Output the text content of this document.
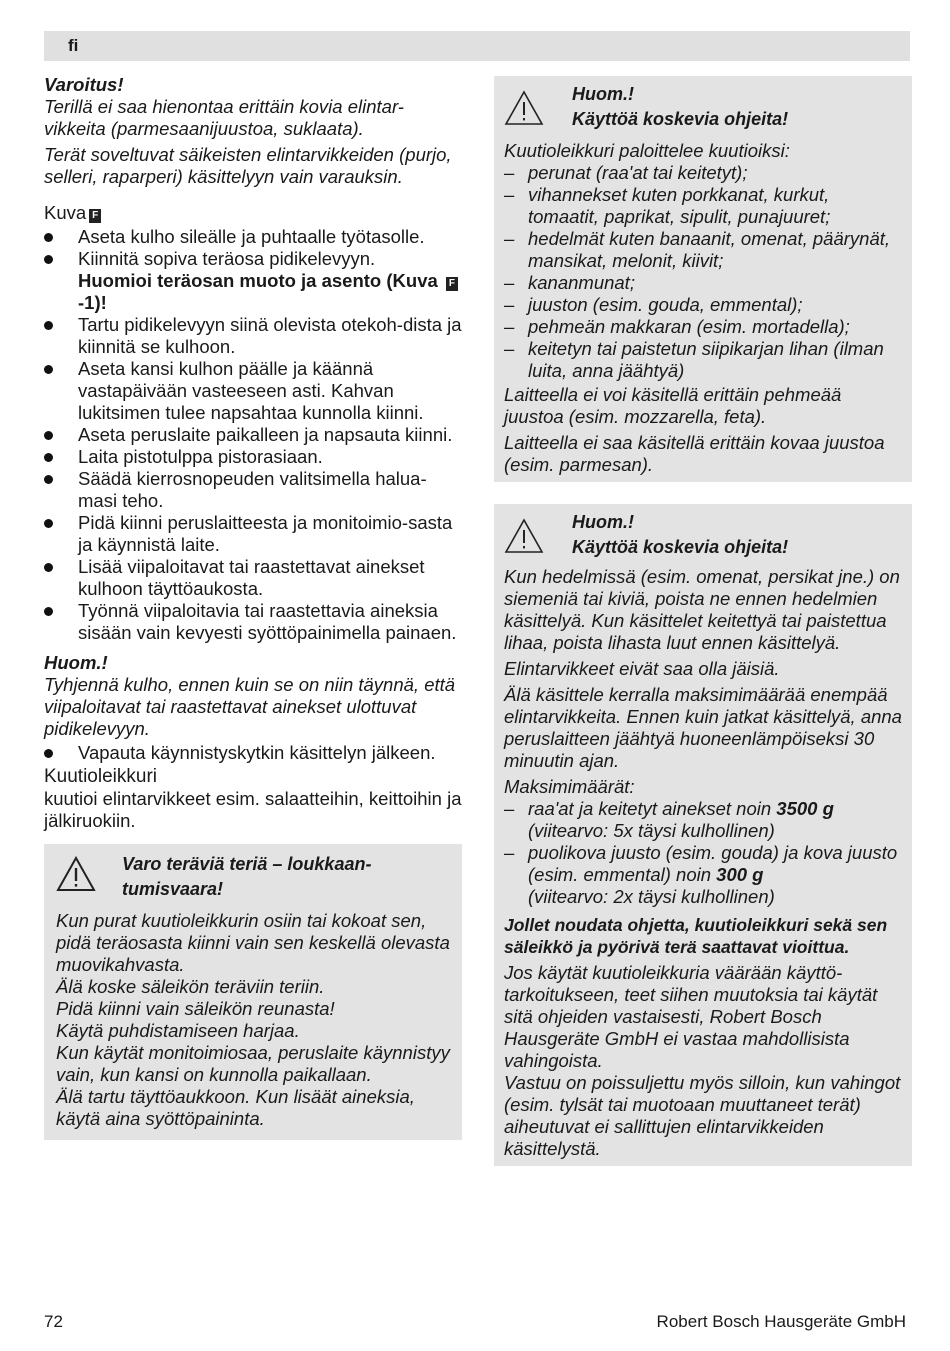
fi

Varoitus!

Terillä ei saa hienontaa erittäin kovia elintar-vikkeita (parmesaanijuustoa, suklaata).

Terät soveltuvat säikeisten elintarvikkeiden (purjo, selleri, raparperi) käsittelyyn vain varauksin.

Kuva F

Aseta kulho sileälle ja puhtaalle työtasolle.
Kiinnitä sopiva teräosa pidikelevyyn.
Huomioi teräosan muoto ja asento (Kuva F-1)!
Tartu pidikelevyyn siinä olevista otekoh-dista ja kiinnitä se kulhoon.
Aseta kansi kulhon päälle ja käännä vastapäivään vasteeseen asti. Kahvan lukitsimen tulee napsahtaa kunnolla kiinni.
Aseta peruslaite paikalleen ja napsauta kiinni.
Laita pistotulppa pistorasiaan.
Säädä kierrosnopeuden valitsimella halua-masi teho.
Pidä kiinni peruslaitteesta ja monitoimio-sasta ja käynnistä laite.
Lisää viipaloitavat tai raastettavat ainekset kulhoon täyttöaukosta.
Työnnä viipaloitavia tai raastettavia aineksia sisään vain kevyesti syöttöpainimella painaen.

Huom.!

Tyhjennä kulho, ennen kuin se on niin täynnä, että viipaloitavat tai raastettavat ainekset ulottuvat pidikelevyyn.

Vapauta käynnistyskytkin käsittelyn jälkeen.

Kuutioleikkuri

kuutioi elintarvikkeet esim. salaatteihin, keittoihin ja jälkiruokiin.

Varo teräviä teriä – loukkaan-tumisvaara!

Kun purat kuutioleikkurin osiin tai kokoat sen, pidä teräosasta kiinni vain sen keskellä olevasta muovikahvasta.

Älä koske säleikön teräviin teriin.

Pidä kiinni vain säleikön reunasta!

Käytä puhdistamiseen harjaa.

Kun käytät monitoimiosaa, peruslaite käynnistyy vain, kun kansi on kunnolla paikallaan.

Älä tartu täyttöaukkoon. Kun lisäät aineksia, käytä aina syöttöpaininta.

Huom.!
Käyttöä koskevia ohjeita!

Kuutioleikkuri paloittelee kuutioiksi:

– perunat (raa'at tai keitetyt);
– vihannekset kuten porkkanat, kurkut, tomaatit, paprikat, sipulit, punajuuret;
– hedelmät kuten banaanit, omenat, päärynät, mansikat, melonit, kiivit;
– kananmunat;
– juuston (esim. gouda, emmental);
– pehmeän makkaran (esim. mortadella);
– keitetyn tai paistetun siipikarjan lihan (ilman luita, anna jäähtyä)

Laitteella ei voi käsitellä erittäin pehmeää juustoa (esim. mozzarella, feta).

Laitteella ei saa käsitellä erittäin kovaa juustoa (esim. parmesan).

Huom.!
Käyttöä koskevia ohjeita!

Kun hedelmissä (esim. omenat, persikat jne.) on siemeniä tai kiviä, poista ne ennen hedelmien käsittelyä. Kun käsittelet keitettyä tai paistettua lihaa, poista lihasta luut ennen käsittelyä.

Elintarvikkeet eivät saa olla jäisiä.

Älä käsittele kerralla maksimimäärää enempää elintarvikkeita. Ennen kuin jatkat käsittelyä, anna peruslaitteen jäähtyä huoneenlämpöiseksi 30 minuutin ajan.

Maksimimäärät:

– raa'at ja keitetyt ainekset noin 3500 g
(viitearvo: 5x täysi kulhollinen)
– puolikova juusto (esim. gouda) ja kova juusto (esim. emmental) noin 300 g
(viitearvo: 2x täysi kulhollinen)

Jollet noudata ohjetta, kuutioleikkuri sekä sen säleikkö ja pyörivä terä saattavat vioittua.

Jos käytät kuutioleikkuria väärään käyttö-tarkoitukseen, teet siihen muutoksia tai käytät sitä ohjeiden vastaisesti, Robert Bosch Hausgeräte GmbH ei vastaa mahdollisista vahingoista.

Vastuu on poissuljettu myös silloin, kun vahingot (esim. tylsät tai muotoaan muuttaneet terät) aiheutuvat ei sallittujen elintarvikkeiden käsittelystä.

72	Robert Bosch Hausgeräte GmbH
